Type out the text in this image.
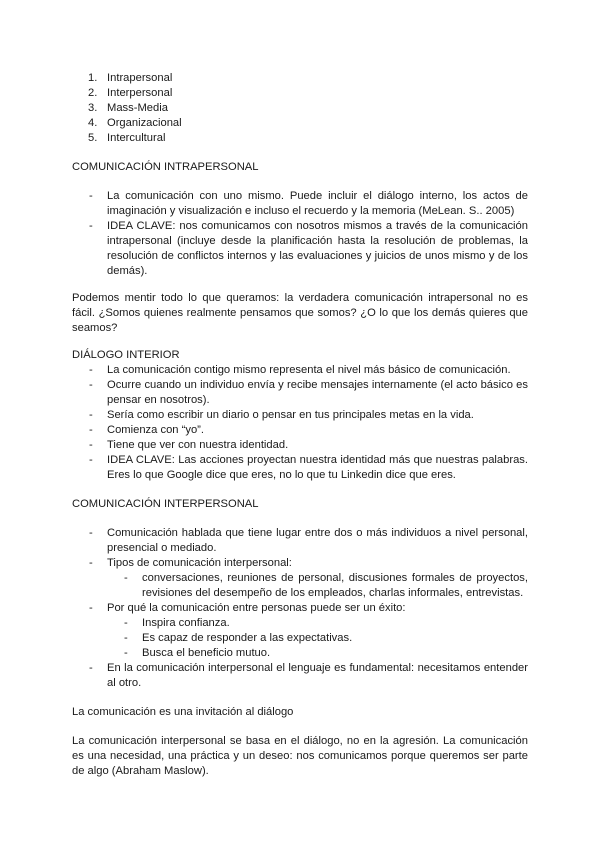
1. Intrapersonal
2. Interpersonal
3. Mass-Media
4. Organizacional
5. Intercultural
COMUNICACIÓN INTRAPERSONAL
- La comunicación con uno mismo. Puede incluir el diálogo interno, los actos de imaginación y visualización e incluso el recuerdo y la memoria (MeLean. S.. 2005)
- IDEA CLAVE: nos comunicamos con nosotros mismos a través de la comunicación intrapersonal (incluye desde la planificación hasta la resolución de problemas, la resolución de conflictos internos y las evaluaciones y juicios de unos mismo y de los demás).

Podemos mentir todo lo que queramos: la verdadera comunicación intrapersonal no es fácil. ¿Somos quienes realmente pensamos que somos? ¿O lo que los demás quieres que seamos?

DIÁLOGO INTERIOR
- La comunicación contigo mismo representa el nivel más básico de comunicación.
- Ocurre cuando un individuo envía y recibe mensajes internamente (el acto básico es pensar en nosotros).
- Sería como escribir un diario o pensar en tus principales metas en la vida.
- Comienza con “yo”.
- Tiene que ver con nuestra identidad.
- IDEA CLAVE: Las acciones proyectan nuestra identidad más que nuestras palabras. Eres lo que Google dice que eres, no lo que tu Linkedin dice que eres.
COMUNICACIÓN INTERPERSONAL
- Comunicación hablada que tiene lugar entre dos o más individuos a nivel personal, presencial o mediado.
- Tipos de comunicación interpersonal:
- conversaciones, reuniones de personal, discusiones formales de proyectos, revisiones del desempeño de los empleados, charlas informales, entrevistas.
- Por qué la comunicación entre personas puede ser un éxito:
- Inspira confianza.
- Es capaz de responder a las expectativas.
- Busca el beneficio mutuo.
- En la comunicación interpersonal el lenguaje es fundamental: necesitamos entender al otro.

La comunicación es una invitación al diálogo

La comunicación interpersonal se basa en el diálogo, no en la agresión. La comunicación es una necesidad, una práctica y un deseo: nos comunicamos porque queremos ser parte de algo (Abraham Maslow).
